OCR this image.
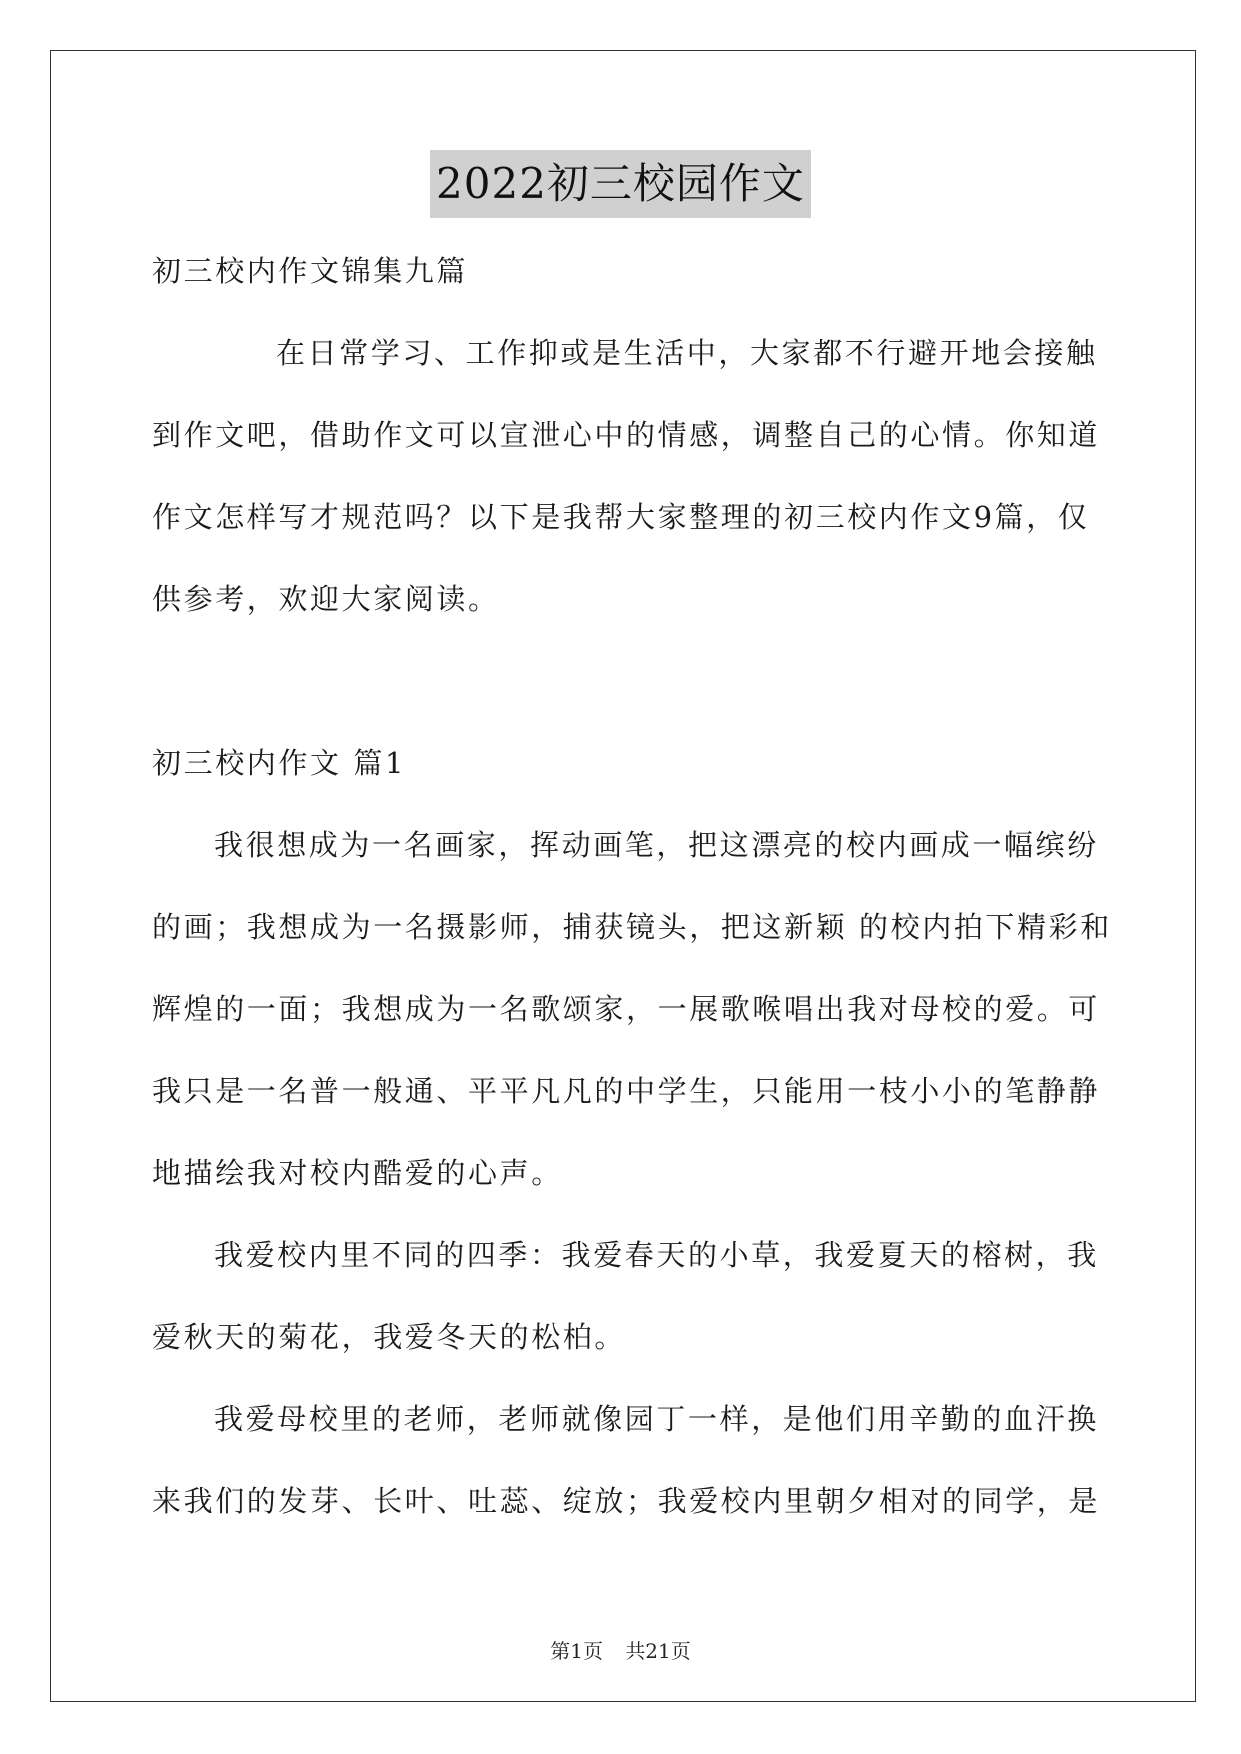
2022初三校园作文
初三校内作文锦集九篇
在日常学习、工作抑或是生活中，大家都不行避开地会接触
到作文吧，借助作文可以宣泄心中的情感，调整自己的心情。你知道
作文怎样写才规范吗？以下是我帮大家整理的初三校内作文9篇，仅
供参考，欢迎大家阅读。
初三校内作文 篇1
我很想成为一名画家，挥动画笔，把这漂亮的校内画成一幅缤纷
的画；我想成为一名摄影师，捕获镜头，把这新颖 的校内拍下精彩和
辉煌的一面；我想成为一名歌颂家，一展歌喉唱出我对母校的爱。可
我只是一名普一般通、平平凡凡的中学生，只能用一枝小小的笔静静
地描绘我对校内酷爱的心声。
我爱校内里不同的四季：我爱春天的小草，我爱夏天的榕树，我
爱秋天的菊花，我爱冬天的松柏。
我爱母校里的老师，老师就像园丁一样，是他们用辛勤的血汗换
来我们的发芽、长叶、吐蕊、绽放；我爱校内里朝夕相对的同学，是
第1页 共21页
